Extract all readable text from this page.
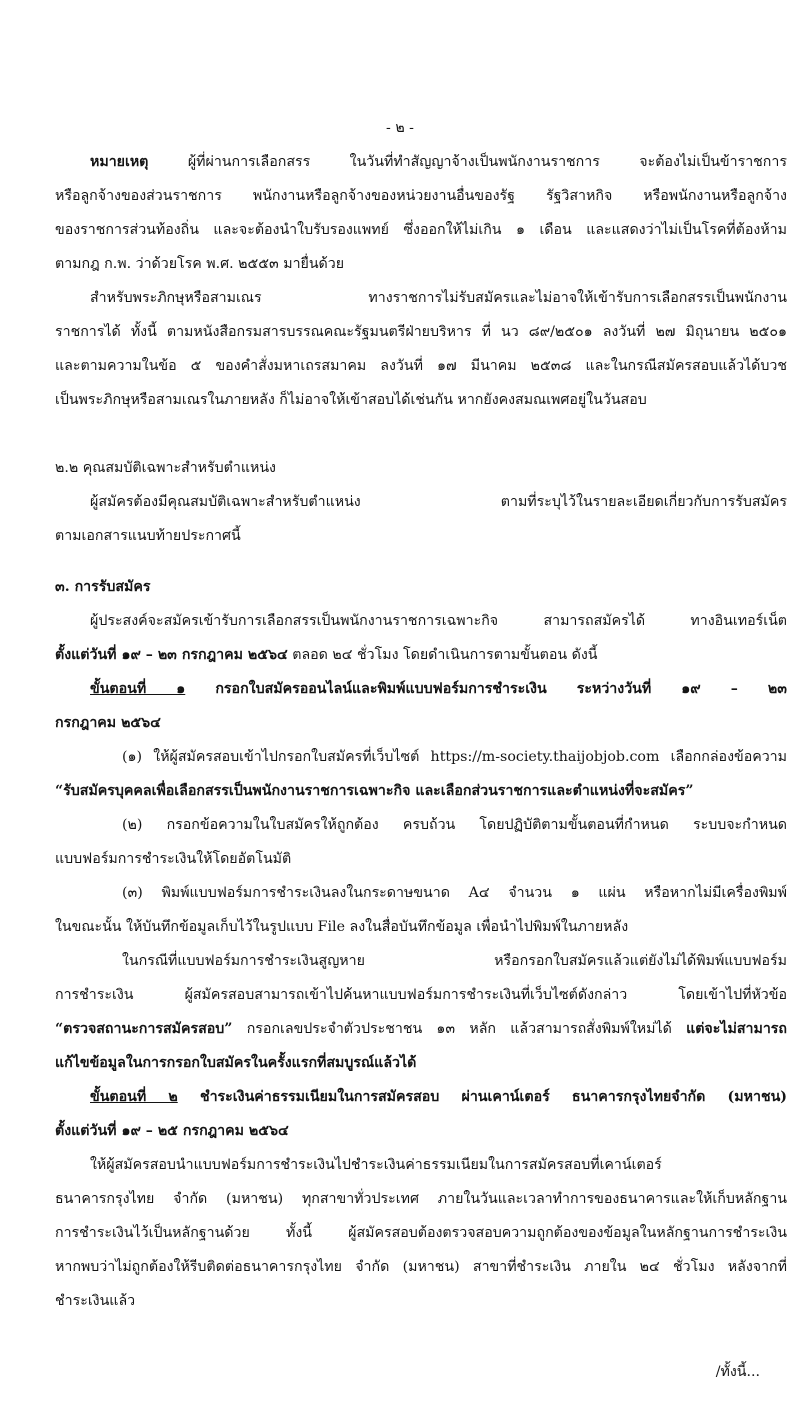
- ๒ -
หมายเหตุ	ผู้ที่ผ่านการเลือกสรร ในวันที่ทำสัญญาจ้างเป็นพนักงานราชการ จะต้องไม่เป็นข้าราชการ
หรือลูกจ้างของส่วนราชการ พนักงานหรือลูกจ้างของหน่วยงานอื่นของรัฐ รัฐวิสาหกิจ หรือพนักงานหรือลูกจ้าง
ของราชการส่วนท้องถิ่น และจะต้องนำใบรับรองแพทย์ ซึ่งออกให้ไม่เกิน ๑ เดือน และแสดงว่าไม่เป็นโรคที่ต้องห้าม
ตามกฎ ก.พ. ว่าด้วยโรค พ.ศ. ๒๕๕๓ มายื่นด้วย
สำหรับพระภิกษุหรือสามเณร ทางราชการไม่รับสมัครและไม่อาจให้เข้ารับการเลือกสรรเป็นพนักงาน
ราชการได้ ทั้งนี้ ตามหนังสือกรมสารบรรณคณะรัฐมนตรีฝ่ายบริหาร ที่ นว ๘๙/๒๕๐๑ ลงวันที่ ๒๗ มิถุนายน ๒๕๐๑
และตามความในข้อ ๕ ของคำสั่งมหาเถรสมาคม ลงวันที่ ๑๗ มีนาคม ๒๕๓๘ และในกรณีสมัครสอบแล้วได้บวช
เป็นพระภิกษุหรือสามเณรในภายหลัง ก็ไม่อาจให้เข้าสอบได้เช่นกัน หากยังคงสมณเพศอยู่ในวันสอบ
๒.๒ คุณสมบัติเฉพาะสำหรับตำแหน่ง
ผู้สมัครต้องมีคุณสมบัติเฉพาะสำหรับตำแหน่ง ตามที่ระบุไว้ในรายละเอียดเกี่ยวกับการรับสมัคร
ตามเอกสารแนบท้ายประกาศนี้
๓. การรับสมัคร
ผู้ประสงค์จะสมัครเข้ารับการเลือกสรรเป็นพนักงานราชการเฉพาะกิจ สามารถสมัครได้ ทางอินเทอร์เน็ต
ตั้งแต่วันที่ ๑๙ – ๒๓ กรกฎาคม ๒๕๖๔ ตลอด ๒๔ ชั่วโมง โดยดำเนินการตามขั้นตอน ดังนี้
ขั้นตอนที่ ๑ กรอกใบสมัครออนไลน์และพิมพ์แบบฟอร์มการชำระเงิน ระหว่างวันที่ ๑๙ – ๒๓
กรกฎาคม ๒๕๖๔
(๑) ให้ผู้สมัครสอบเข้าไปกรอกใบสมัครที่เว็บไซต์ https://m-society.thaijobjob.com เลือกกล่องข้อความ
“รับสมัครบุคคลเพื่อเลือกสรรเป็นพนักงานราชการเฉพาะกิจ และเลือกส่วนราชการและตำแหน่งที่จะสมัคร”
(๒) กรอกข้อความในใบสมัครให้ถูกต้อง ครบถ้วน โดยปฏิบัติตามขั้นตอนที่กำหนด ระบบจะกำหนด
แบบฟอร์มการชำระเงินให้โดยอัตโนมัติ
(๓) พิมพ์แบบฟอร์มการชำระเงินลงในกระดาษขนาด A๔ จำนวน ๑ แผ่น หรือหากไม่มีเครื่องพิมพ์
ในขณะนั้น ให้บันทึกข้อมูลเก็บไว้ในรูปแบบ File ลงในสื่อบันทึกข้อมูล เพื่อนำไปพิมพ์ในภายหลัง
ในกรณีที่แบบฟอร์มการชำระเงินสูญหาย หรือกรอกใบสมัครแล้วแต่ยังไม่ได้พิมพ์แบบฟอร์ม
การชำระเงิน ผู้สมัครสอบสามารถเข้าไปค้นหาแบบฟอร์มการชำระเงินที่เว็บไซต์ดังกล่าว โดยเข้าไปที่หัวข้อ
“ตรวจสถานะการสมัครสอบ” กรอกเลขประจำตัวประชาชน ๑๓ หลัก แล้วสามารถสั่งพิมพ์ใหม่ได้ แต่จะไม่สามารถ
แก้ไขข้อมูลในการกรอกใบสมัครในครั้งแรกที่สมบูรณ์แล้วได้
ขั้นตอนที่ ๒ ชำระเงินค่าธรรมเนียมในการสมัครสอบ ผ่านเคาน์เตอร์ ธนาคารกรุงไทยจำกัด (มหาชน)
ตั้งแต่วันที่ ๑๙ – ๒๕ กรกฎาคม ๒๕๖๔
ให้ผู้สมัครสอบนำแบบฟอร์มการชำระเงินไปชำระเงินค่าธรรมเนียมในการสมัครสอบที่เคาน์เตอร์
ธนาคารกรุงไทย จำกัด (มหาชน) ทุกสาขาทั่วประเทศ ภายในวันและเวลาทำการของธนาคารและให้เก็บหลักฐาน
การชำระเงินไว้เป็นหลักฐานด้วย ทั้งนี้ ผู้สมัครสอบต้องตรวจสอบความถูกต้องของข้อมูลในหลักฐานการชำระเงิน
หากพบว่าไม่ถูกต้องให้รีบติดต่อธนาคารกรุงไทย จำกัด (มหาชน) สาขาที่ชำระเงิน ภายใน ๒๔ ชั่วโมง หลังจากที่
ชำระเงินแล้ว
/ทั้งนี้...
